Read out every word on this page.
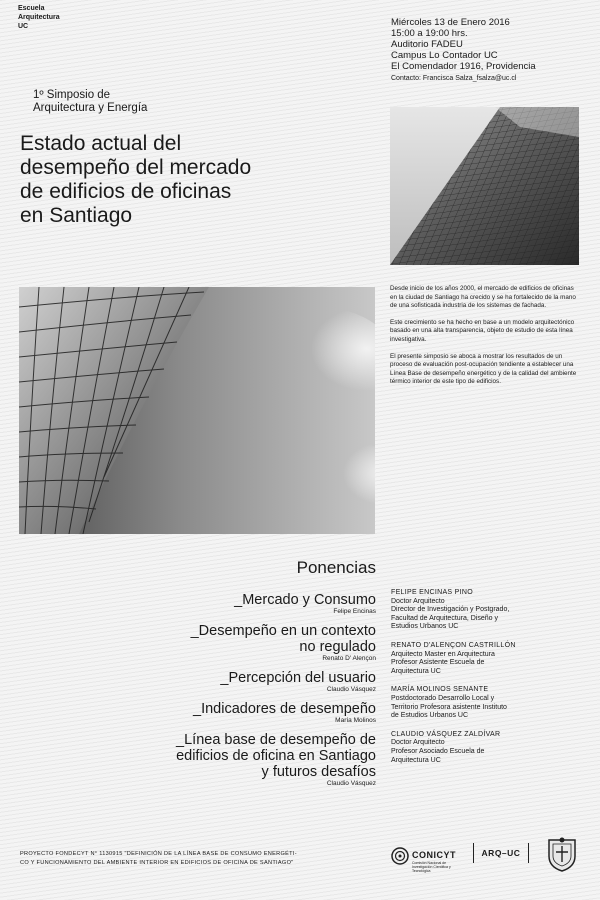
Escuela
Arquitectura
UC	Miércoles 13 de Enero 2016
15:00 a 19:00 hrs.
Auditorio FADEU
Campus Lo Contador UC
El Comendador 1916, Providencia
Contacto: Francisca Salza_fsalza@uc.cl
1º Simposio de
Arquitectura y Energía
Estado actual del
desempeño del mercado
de edificios de oficinas
en Santiago

Desde inicio de los años 2000, el mercado de edificios de oficinas en la ciudad de Santiago ha crecido y se ha fortalecido de la mano de una sofisticada industria de los sistemas de fachada.

Este crecimiento se ha hecho en base a un modelo arquitectónico basado en una alta transparencia, objeto de estudio de esta línea investigativa.

El presente simposio se aboca a mostrar los resultados de un proceso de evaluación post-ocupación tendiente a establecer una Línea Base de desempeño energético y de la calidad del ambiente térmico interior de este tipo de edificios.

Ponencias
_Mercado y Consumo
Felipe Encinas
_Desempeño en un contexto
no regulado
Renato D' Alençon
_Percepción del usuario
Claudio Vásquez
_Indicadores de desempeño
María Molinos
_Línea base de desempeño de
edificios de oficina en Santiago
y futuros desafíos
Claudio Vásquez
FELIPE ENCINAS PINO
Doctor Arquitecto
Director de Investigación y Postgrado,
Facultad de Arquitectura, Diseño y
Estudios Urbanos UC
RENATO D'ALENÇON CASTRILLÓN
Arquitecto Master en Arquitectura
Profesor Asistente Escuela de
Arquitectura UC
MARÍA MOLINOS SENANTE
Postdoctorado Desarrollo Local y
Territorio Profesora asistente Instituto
de Estudios Urbanos UC
CLAUDIO VÁSQUEZ ZALDÍVAR
Doctor Arquitecto
Profesor Asociado Escuela de
Arquitectura UC
PROYECTO FONDECYT N° 1130915 "DEFINICIÓN DE LA LÍNEA BASE DE CONSUMO ENERGÉTI-
CO Y FUNCIONAMIENTO DEL AMBIENTE INTERIOR EN EDIFICIOS DE OFICINA DE SANTIAGO"
CONICYT
Comisión Nacional de Investigación Científica y Tecnológica
ARQ–UC
